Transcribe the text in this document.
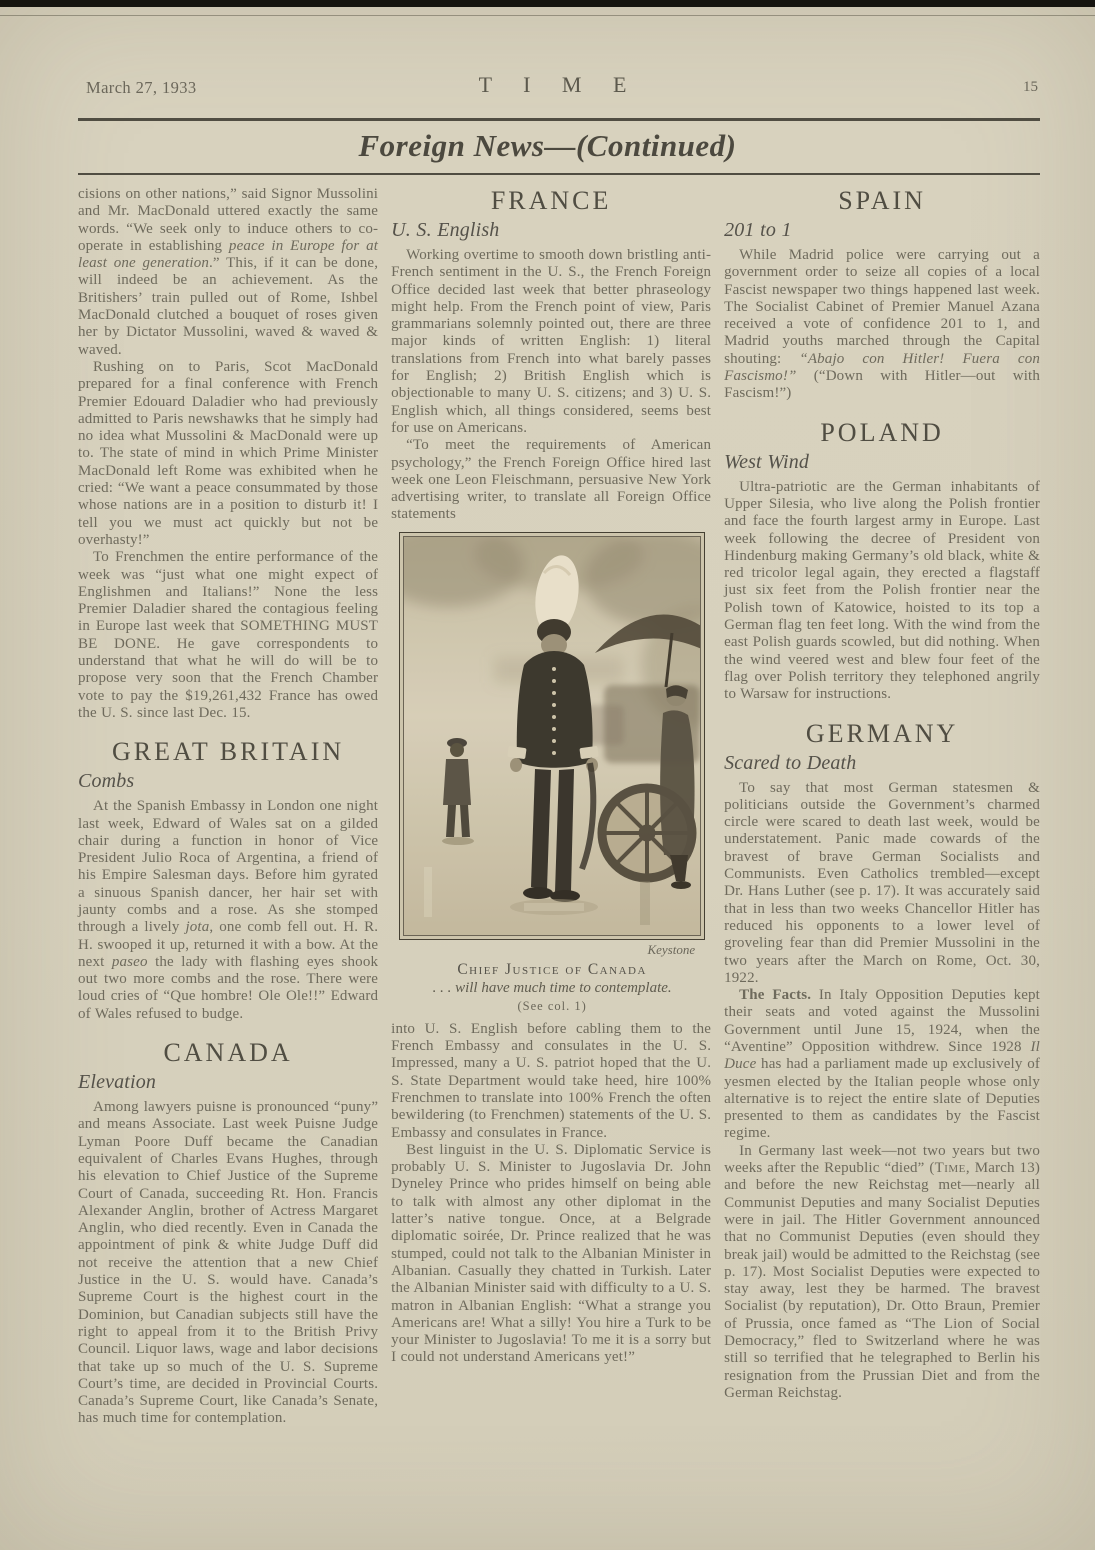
March 27, 1933	T I M E	15
Foreign News—(Continued)

cisions on other nations,” said Signor Mussolini and Mr. MacDonald uttered exactly the same words. “We seek only to induce others to co-operate in establishing peace in Europe for at least one generation.” This, if it can be done, will indeed be an achievement. As the Britishers’ train pulled out of Rome, Ishbel MacDonald clutched a bouquet of roses given her by Dictator Mussolini, waved & waved & waved.

Rushing on to Paris, Scot MacDonald prepared for a final conference with French Premier Edouard Daladier who had previously admitted to Paris newshawks that he simply had no idea what Mussolini & MacDonald were up to. The state of mind in which Prime Minister MacDonald left Rome was exhibited when he cried: “We want a peace consummated by those whose nations are in a position to disturb it! I tell you we must act quickly but not be overhasty!”

To Frenchmen the entire performance of the week was “just what one might expect of Englishmen and Italians!” None the less Premier Daladier shared the contagious feeling in Europe last week that SOMETHING MUST BE DONE. He gave correspondents to understand that what he will do will be to propose very soon that the French Chamber vote to pay the $19,261,432 France has owed the U. S. since last Dec. 15.

GREAT BRITAIN

Combs

At the Spanish Embassy in London one night last week, Edward of Wales sat on a gilded chair during a function in honor of Vice President Julio Roca of Argentina, a friend of his Empire Salesman days. Before him gyrated a sinuous Spanish dancer, her hair set with jaunty combs and a rose. As she stomped through a lively jota, one comb fell out. H. R. H. swooped it up, returned it with a bow. At the next paseo the lady with flashing eyes shook out two more combs and the rose. There were loud cries of “Que hombre! Ole Ole!!” Edward of Wales refused to budge.

CANADA

Elevation

Among lawyers puisne is pronounced “puny” and means Associate. Last week Puisne Judge Lyman Poore Duff became the Canadian equivalent of Charles Evans Hughes, through his elevation to Chief Justice of the Supreme Court of Canada, succeeding Rt. Hon. Francis Alexander Anglin, brother of Actress Margaret Anglin, who died recently. Even in Canada the appointment of pink & white Judge Duff did not receive the attention that a new Chief Justice in the U. S. would have. Canada’s Supreme Court is the highest court in the Dominion, but Canadian subjects still have the right to appeal from it to the British Privy Council. Liquor laws, wage and labor decisions that take up so much of the U. S. Supreme Court’s time, are decided in Provincial Courts. Canada’s Supreme Court, like Canada’s Senate, has much time for contemplation.

FRANCE

U. S. English

Working overtime to smooth down bristling anti-French sentiment in the U. S., the French Foreign Office decided last week that better phraseology might help. From the French point of view, Paris grammarians solemnly pointed out, there are three major kinds of written English: 1) literal translations from French into what barely passes for English; 2) British English which is objectionable to many U. S. citizens; and 3) U. S. English which, all things considered, seems best for use on Americans.

“To meet the requirements of American psychology,” the French Foreign Office hired last week one Leon Fleischmann, persuasive New York advertising writer, to translate all Foreign Office statements

Keystone
Chief Justice of Canada
. . . will have much time to contemplate.
(See col. 1)

into U. S. English before cabling them to the French Embassy and consulates in the U. S. Impressed, many a U. S. patriot hoped that the U. S. State Department would take heed, hire 100% Frenchmen to translate into 100% French the often bewildering (to Frenchmen) statements of the U. S. Embassy and consulates in France.

Best linguist in the U. S. Diplomatic Service is probably U. S. Minister to Jugoslavia Dr. John Dyneley Prince who prides himself on being able to talk with almost any other diplomat in the latter’s native tongue. Once, at a Belgrade diplomatic soirée, Dr. Prince realized that he was stumped, could not talk to the Albanian Minister in Albanian. Casually they chatted in Turkish. Later the Albanian Minister said with difficulty to a U. S. matron in Albanian English: “What a strange you Americans are! What a silly! You hire a Turk to be your Minister to Jugoslavia! To me it is a sorry but I could not understand Americans yet!”

SPAIN

201 to 1

While Madrid police were carrying out a government order to seize all copies of a local Fascist newspaper two things happened last week. The Socialist Cabinet of Premier Manuel Azana received a vote of confidence 201 to 1, and Madrid youths marched through the Capital shouting: “Abajo con Hitler! Fuera con Fascismo!” (“Down with Hitler—out with Fascism!”)

POLAND

West Wind

Ultra-patriotic are the German inhabitants of Upper Silesia, who live along the Polish frontier and face the fourth largest army in Europe. Last week following the decree of President von Hindenburg making Germany’s old black, white & red tricolor legal again, they erected a flagstaff just six feet from the Polish frontier near the Polish town of Katowice, hoisted to its top a German flag ten feet long. With the wind from the east Polish guards scowled, but did nothing. When the wind veered west and blew four feet of the flag over Polish territory they telephoned angrily to Warsaw for instructions.

GERMANY

Scared to Death

To say that most German statesmen & politicians outside the Government’s charmed circle were scared to death last week, would be understatement. Panic made cowards of the bravest of brave German Socialists and Communists. Even Catholics trembled—except Dr. Hans Luther (see p. 17). It was accurately said that in less than two weeks Chancellor Hitler has reduced his opponents to a lower level of groveling fear than did Premier Mussolini in the two years after the March on Rome, Oct. 30, 1922.

The Facts. In Italy Opposition Deputies kept their seats and voted against the Mussolini Government until June 15, 1924, when the “Aventine” Opposition withdrew. Since 1928 Il Duce has had a parliament made up exclusively of yesmen elected by the Italian people whose only alternative is to reject the entire slate of Deputies presented to them as candidates by the Fascist regime.

In Germany last week—not two years but two weeks after the Republic “died” (Time, March 13) and before the new Reichstag met—nearly all Communist Deputies and many Socialist Deputies were in jail. The Hitler Government announced that no Communist Deputies (even should they break jail) would be admitted to the Reichstag (see p. 17). Most Socialist Deputies were expected to stay away, lest they be harmed. The bravest Socialist (by reputation), Dr. Otto Braun, Premier of Prussia, once famed as “The Lion of Social Democracy,” fled to Switzerland where he was still so terrified that he telegraphed to Berlin his resignation from the Prussian Diet and from the German Reichstag.
